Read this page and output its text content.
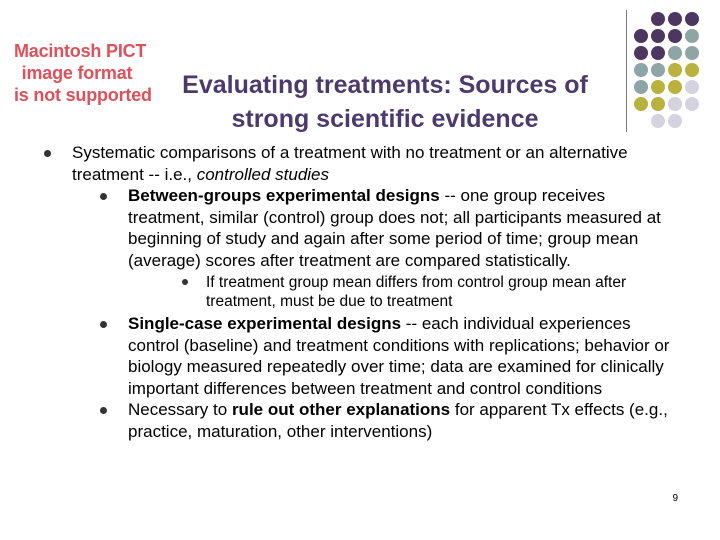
Macintosh PICT
image format
is not supported	Evaluating treatments: Sources of
strong scientific evidence
Systematic comparisons of a treatment with no treatment or an alternative treatment -- i.e., controlled studies
Between-groups experimental designs -- one group receives treatment, similar (control) group does not; all participants measured at beginning of study and again after some period of time; group mean (average) scores after treatment are compared statistically.
If treatment group mean differs from control group mean after treatment, must be due to treatment
Single-case experimental designs -- each individual experiences control (baseline) and treatment conditions with replications; behavior or biology measured repeatedly over time; data are examined for clinically important differences between treatment and control conditions
Necessary to rule out other explanations for apparent Tx effects (e.g., practice, maturation, other interventions)
9
